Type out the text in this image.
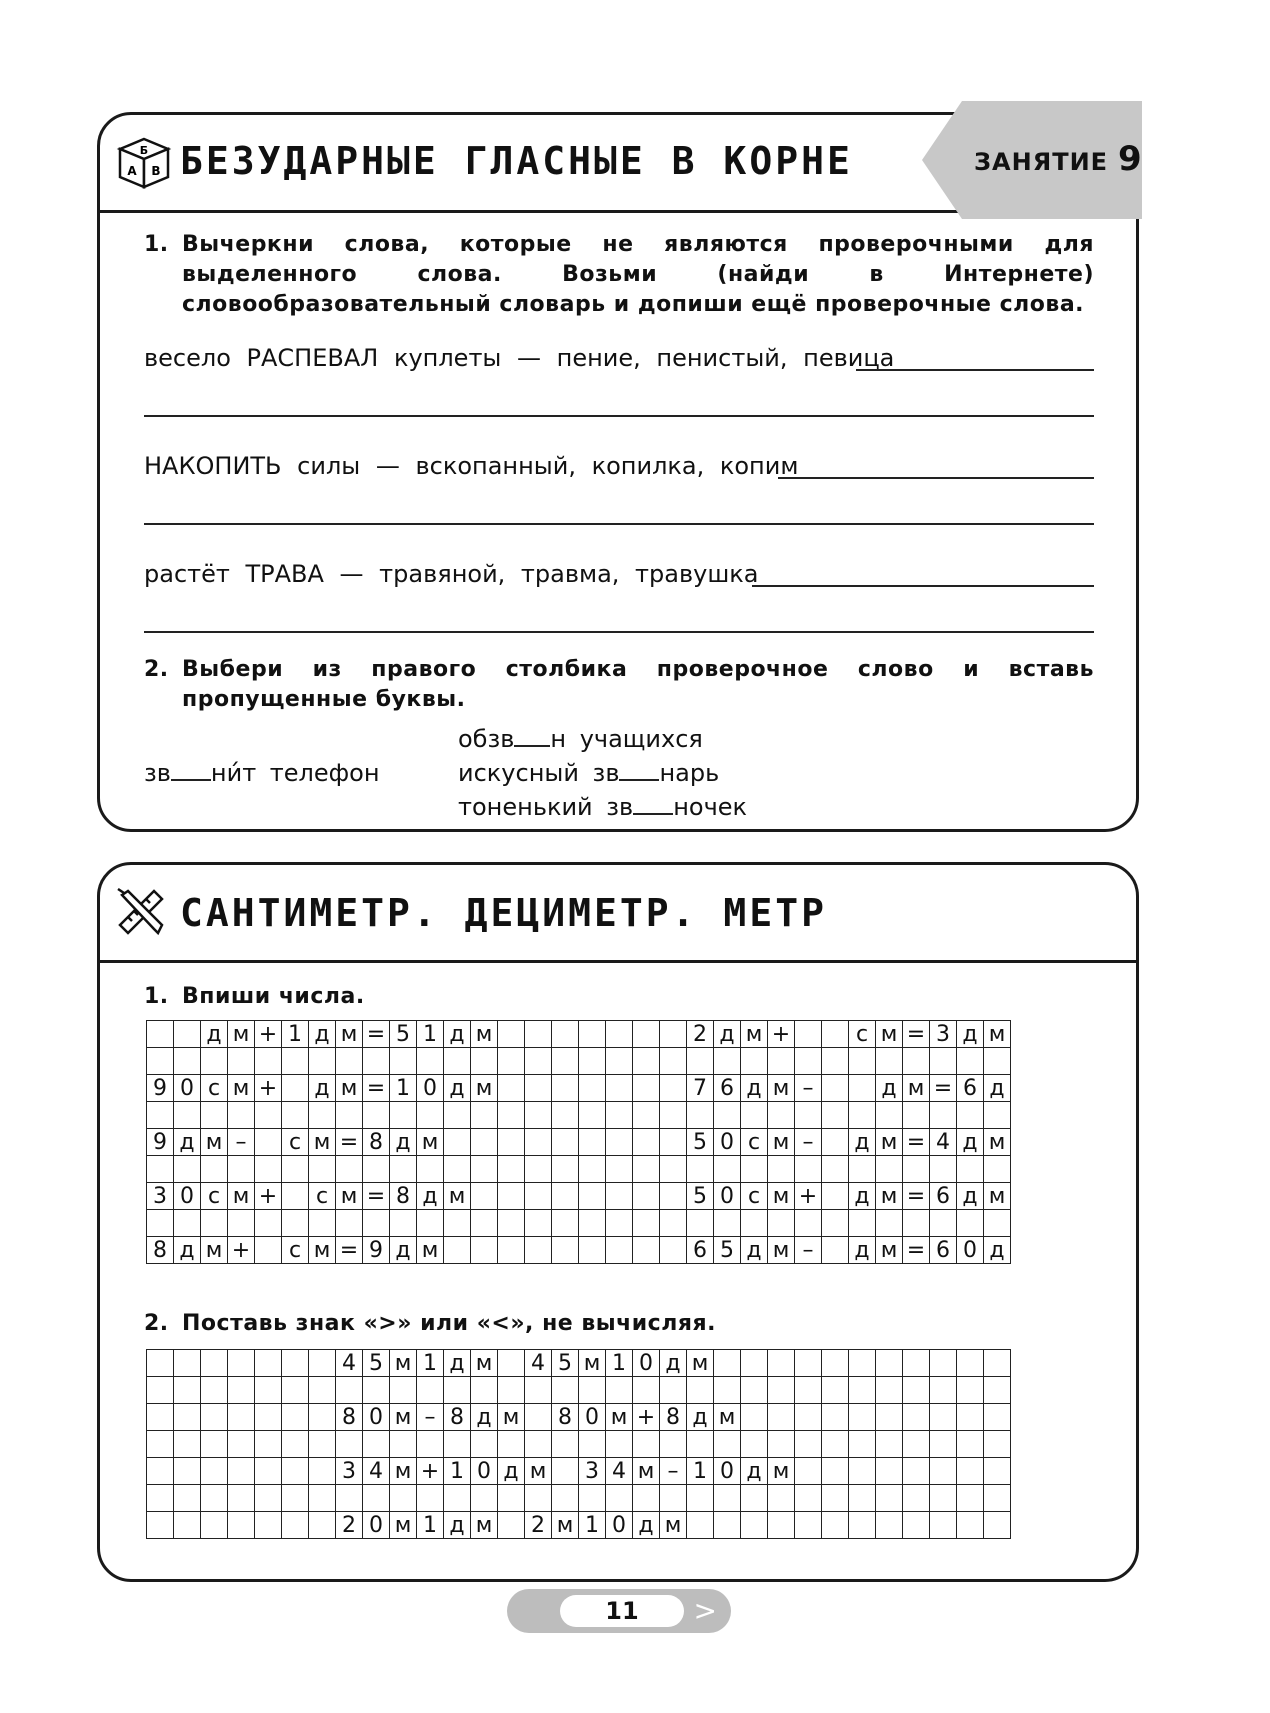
Б
А В БЕЗУДАРНЫЕ ГЛАСНЫЕ В КОРНЕ	ЗАНЯТИЕ 9
1. Вычеркни слова, которые не являются проверочными для выделенного слова. Возьми (найди в Интернете) словообразовательный словарь и допиши ещё проверочные слова.
весело РАСПЕВАЛ куплеты — пение, пенистый, певица
НАКОПИТЬ силы — вскопанный, копилка, копим
растёт ТРАВА — травяной, травма, травушка
2. Выбери из правого столбика проверочное слово и вставь пропущенные буквы.
зв ни́т телефон
обзв н учащихся
искусный зв нарь
тоненький зв ночек
САНТИМЕТР. ДЕЦИМЕТР. МЕТР
1. Впиши числа.
		д	м	+	1	д	м	=	5	1	д	м								2	д	м	+			с	м	=	3	д	м

9	0	с	м	+		д	м	=	1	0	д	м								7	6	д	м	–			д	м	=	6	д

9	д	м	–		с	м	=	8	д	м										5	0	с	м	–		д	м	=	4	д	м

3	0	с	м	+		с	м	=	8	д	м									5	0	с	м	+		д	м	=	6	д	м

8	д	м	+		с	м	=	9	д	м										6	5	д	м	–		д	м	=	6	0	д
2. Поставь знак «>» или «<», не вычисляя.
							4	5	м	1	д	м		4	5	м	1	0	д	м											

							8	0	м	–	8	д	м		8	0	м	+	8	д	м										

							3	4	м	+	1	0	д	м		3	4	м	–	1	0	д	м								

							2	0	м	1	д	м		2	м	1	0	д	м												
11	>
